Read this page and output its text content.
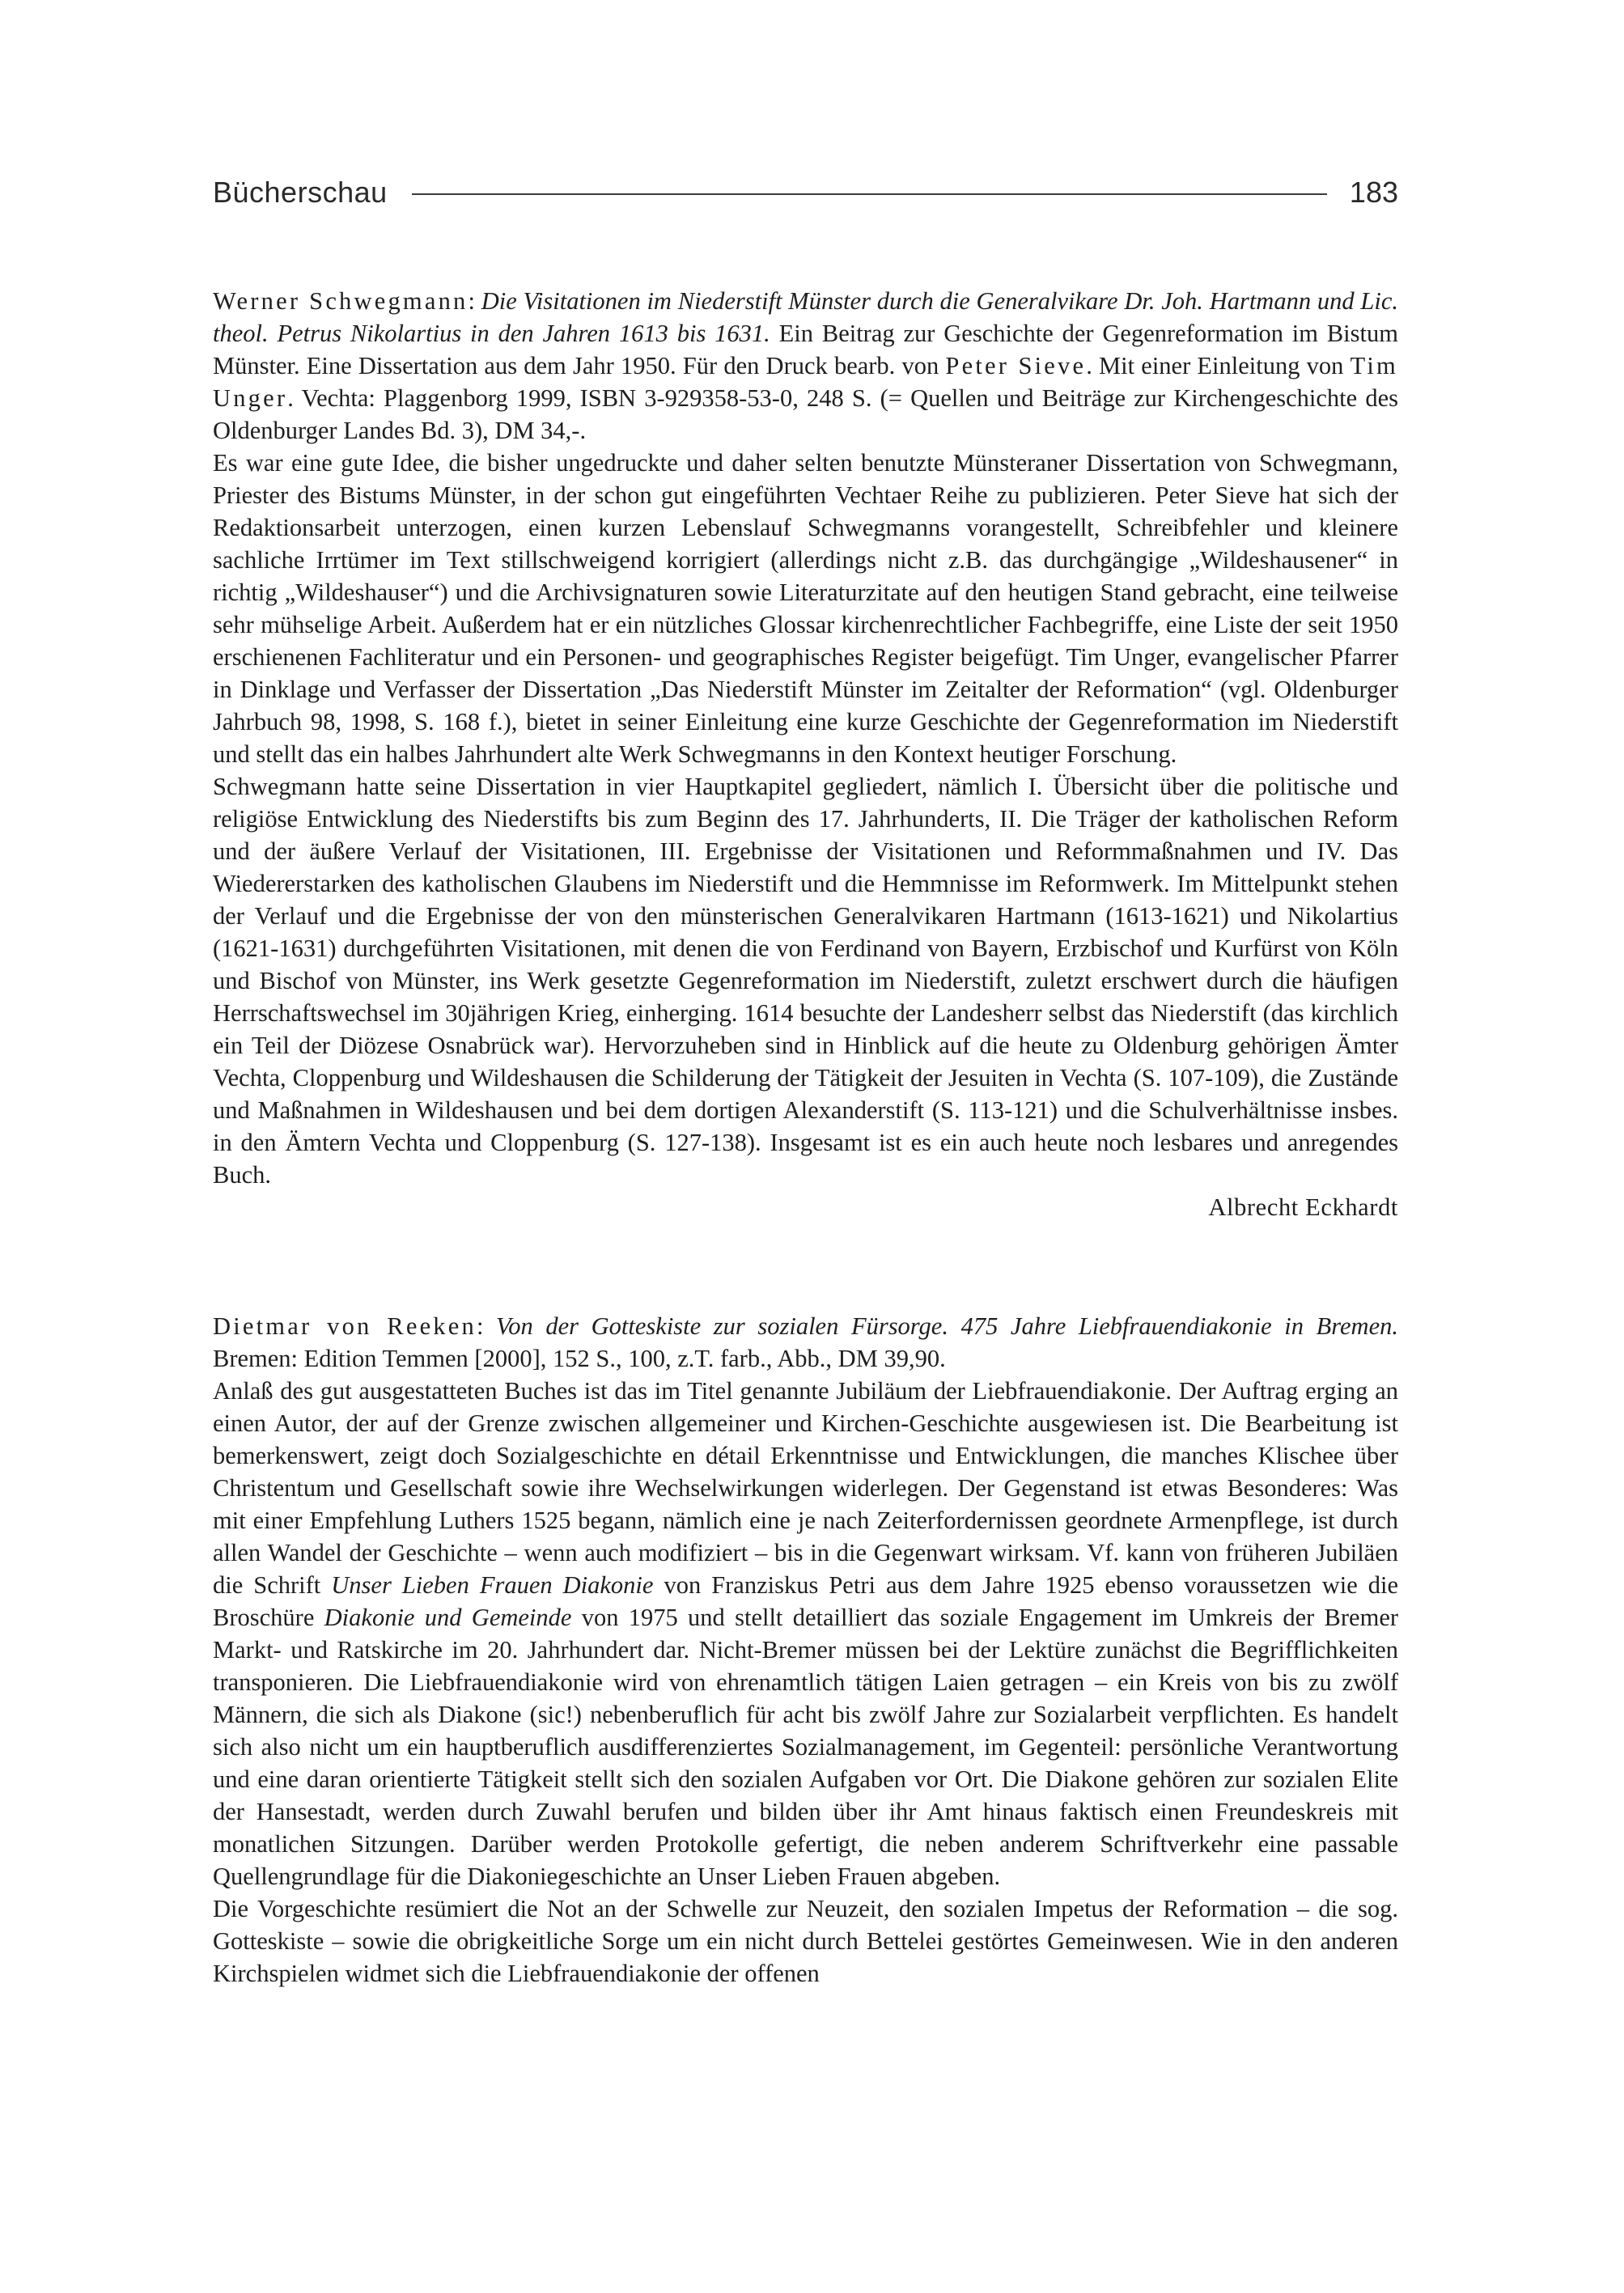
Bücherschau	183

Werner Schwegmann: Die Visitationen im Niederstift Münster durch die Generalvikare Dr. Joh. Hartmann und Lic. theol. Petrus Nikolartius in den Jahren 1613 bis 1631. Ein Beitrag zur Geschichte der Gegenreformation im Bistum Münster. Eine Dissertation aus dem Jahr 1950. Für den Druck bearb. von Peter Sieve. Mit einer Einleitung von Tim Unger. Vechta: Plaggenborg 1999, ISBN 3-929358-53-0, 248 S. (= Quellen und Beiträge zur Kirchengeschichte des Oldenburger Landes Bd. 3), DM 34,-.

Es war eine gute Idee, die bisher ungedruckte und daher selten benutzte Münsteraner Dissertation von Schwegmann, Priester des Bistums Münster, in der schon gut eingeführten Vechtaer Reihe zu publizieren. Peter Sieve hat sich der Redaktionsarbeit unterzogen, einen kurzen Lebenslauf Schwegmanns vorangestellt, Schreibfehler und kleinere sachliche Irrtümer im Text stillschweigend korrigiert (allerdings nicht z.B. das durchgängige „Wildeshausener“ in richtig „Wildeshauser“) und die Archivsignaturen sowie Literaturzitate auf den heutigen Stand gebracht, eine teilweise sehr mühselige Arbeit. Außerdem hat er ein nützliches Glossar kirchenrechtlicher Fachbegriffe, eine Liste der seit 1950 erschienenen Fachliteratur und ein Personen- und geographisches Register beigefügt. Tim Unger, evangelischer Pfarrer in Dinklage und Verfasser der Dissertation „Das Niederstift Münster im Zeitalter der Reformation“ (vgl. Oldenburger Jahrbuch 98, 1998, S. 168 f.), bietet in seiner Einleitung eine kurze Geschichte der Gegenreformation im Niederstift und stellt das ein halbes Jahrhundert alte Werk Schwegmanns in den Kontext heutiger Forschung.

Schwegmann hatte seine Dissertation in vier Hauptkapitel gegliedert, nämlich I. Übersicht über die politische und religiöse Entwicklung des Niederstifts bis zum Beginn des 17. Jahrhunderts, II. Die Träger der katholischen Reform und der äußere Verlauf der Visitationen, III. Ergebnisse der Visitationen und Reformmaßnahmen und IV. Das Wiedererstarken des katholischen Glaubens im Niederstift und die Hemmnisse im Reformwerk. Im Mittelpunkt stehen der Verlauf und die Ergebnisse der von den münsterischen Generalvikaren Hartmann (1613-1621) und Nikolartius (1621-1631) durchgeführten Visitationen, mit denen die von Ferdinand von Bayern, Erzbischof und Kurfürst von Köln und Bischof von Münster, ins Werk gesetzte Gegenreformation im Niederstift, zuletzt erschwert durch die häufigen Herrschaftswechsel im 30jährigen Krieg, einherging. 1614 besuchte der Landesherr selbst das Niederstift (das kirchlich ein Teil der Diözese Osnabrück war). Hervorzuheben sind in Hinblick auf die heute zu Oldenburg gehörigen Ämter Vechta, Cloppenburg und Wildeshausen die Schilderung der Tätigkeit der Jesuiten in Vechta (S. 107-109), die Zustände und Maßnahmen in Wildeshausen und bei dem dortigen Alexanderstift (S. 113-121) und die Schulverhältnisse insbes. in den Ämtern Vechta und Cloppenburg (S. 127-138). Insgesamt ist es ein auch heute noch lesbares und anregendes Buch.

Albrecht Eckhardt

Dietmar von Reeken: Von der Gotteskiste zur sozialen Fürsorge. 475 Jahre Liebfrauendiakonie in Bremen. Bremen: Edition Temmen [2000], 152 S., 100, z.T. farb., Abb., DM 39,90.

Anlaß des gut ausgestatteten Buches ist das im Titel genannte Jubiläum der Liebfrauendiakonie. Der Auftrag erging an einen Autor, der auf der Grenze zwischen allgemeiner und Kirchen-Geschichte ausgewiesen ist. Die Bearbeitung ist bemerkenswert, zeigt doch Sozialgeschichte en détail Erkenntnisse und Entwicklungen, die manches Klischee über Christentum und Gesellschaft sowie ihre Wechselwirkungen widerlegen. Der Gegenstand ist etwas Besonderes: Was mit einer Empfehlung Luthers 1525 begann, nämlich eine je nach Zeiterfordernissen geordnete Armenpflege, ist durch allen Wandel der Geschichte – wenn auch modifiziert – bis in die Gegenwart wirksam. Vf. kann von früheren Jubiläen die Schrift Unser Lieben Frauen Diakonie von Franziskus Petri aus dem Jahre 1925 ebenso voraussetzen wie die Broschüre Diakonie und Gemeinde von 1975 und stellt detailliert das soziale Engagement im Umkreis der Bremer Markt- und Ratskirche im 20. Jahrhundert dar. Nicht-Bremer müssen bei der Lektüre zunächst die Begrifflichkeiten transponieren. Die Liebfrauendiakonie wird von ehrenamtlich tätigen Laien getragen – ein Kreis von bis zu zwölf Männern, die sich als Diakone (sic!) nebenberuflich für acht bis zwölf Jahre zur Sozialarbeit verpflichten. Es handelt sich also nicht um ein hauptberuflich ausdifferenziertes Sozialmanagement, im Gegenteil: persönliche Verantwortung und eine daran orientierte Tätigkeit stellt sich den sozialen Aufgaben vor Ort. Die Diakone gehören zur sozialen Elite der Hansestadt, werden durch Zuwahl berufen und bilden über ihr Amt hinaus faktisch einen Freundeskreis mit monatlichen Sitzungen. Darüber werden Protokolle gefertigt, die neben anderem Schriftverkehr eine passable Quellengrundlage für die Diakoniegeschichte an Unser Lieben Frauen abgeben.

Die Vorgeschichte resümiert die Not an der Schwelle zur Neuzeit, den sozialen Impetus der Reformation – die sog. Gotteskiste – sowie die obrigkeitliche Sorge um ein nicht durch Bettelei gestörtes Gemeinwesen. Wie in den anderen Kirchspielen widmet sich die Liebfrauendiakonie der offenen
